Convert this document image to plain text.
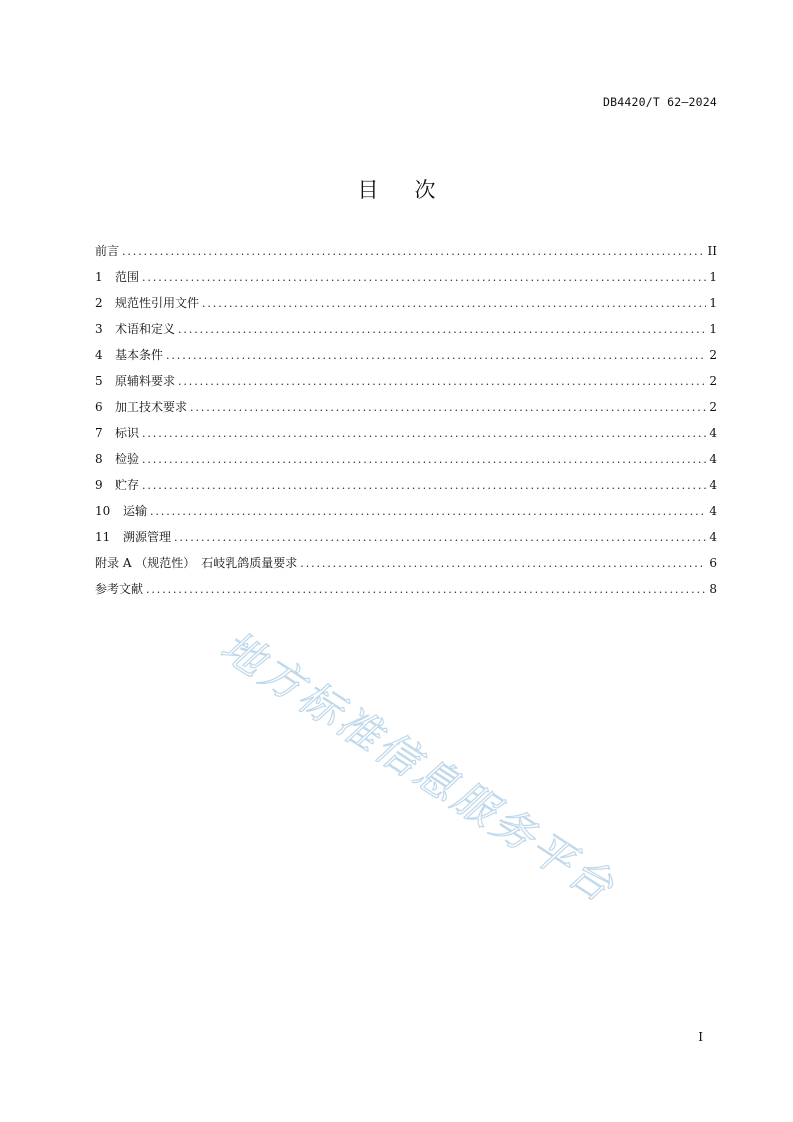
DB4420/T 62—2024
目次
前言 .....	II
1	范围 .....	1
2	规范性引用文件 .....	1
3	术语和定义 .....	1
4	基本条件 .....	2
5	原辅料要求 .....	2
6	加工技术要求 .....	2
7	标识 .....	4
8	检验 .....	4
9	贮存 .....	4
10	运输 .....	4
11	溯源管理 .....	4
附录 A （规范性）　石岐乳鸽质量要求 .....	6
参考文献 .....	8
地方标准信息服务平台
I
